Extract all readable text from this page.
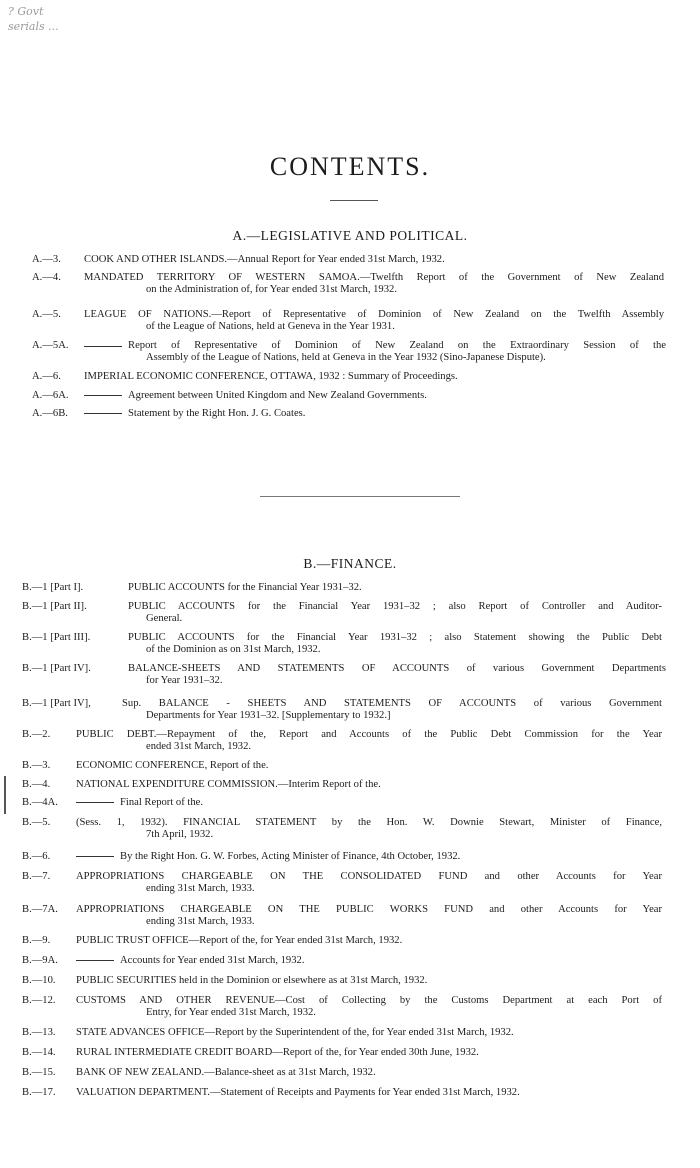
? Govt
serials ...
CONTENTS.
A.—LEGISLATIVE AND POLITICAL.
A.—3. COOK AND OTHER ISLANDS.—Annual Report for Year ended 31st March, 1932.
A.—4. MANDATED TERRITORY OF WESTERN SAMOA.—Twelfth Report of the Government of New Zealand
on the Administration of, for Year ended 31st March, 1932.
A.—5. LEAGUE OF NATIONS.—Report of Representative of Dominion of New Zealand on the Twelfth Assembly
of the League of Nations, held at Geneva in the Year 1931.
A.—5A.	Report of Representative of Dominion of New Zealand on the Extraordinary Session of the
Assembly of the League of Nations, held at Geneva in the Year 1932 (Sino-Japanese Dispute).
A.—6. IMPERIAL ECONOMIC CONFERENCE, OTTAWA, 1932 : Summary of Proceedings.
A.—6A.	Agreement between United Kingdom and New Zealand Governments.
A.—6B.	Statement by the Right Hon. J. G. Coates.
B.—FINANCE.
B.—1 [Part I].	PUBLIC ACCOUNTS for the Financial Year 1931–32.
B.—1 [Part II].	PUBLIC ACCOUNTS for the Financial Year 1931–32 ; also Report of Controller and Auditor-
General.
B.—1 [Part III].	PUBLIC ACCOUNTS for the Financial Year 1931–32 ; also Statement showing the Public Debt
of the Dominion as on 31st March, 1932.
B.—1 [Part IV].	BALANCE-SHEETS AND STATEMENTS OF ACCOUNTS of various Government Departments
for Year 1931–32.
B.—1 [Part IV],	Sup. BALANCE - SHEETS AND STATEMENTS OF ACCOUNTS of various Government
Departments for Year 1931–32. [Supplementary to 1932.]
B.—2. PUBLIC DEBT.—Repayment of the, Report and Accounts of the Public Debt Commission for the Year
ended 31st March, 1932.
B.—3. ECONOMIC CONFERENCE, Report of the.
B.—4. NATIONAL EXPENDITURE COMMISSION.—Interim Report of the.
B.—4A.	Final Report of the.
B.—5. (Sess. 1, 1932). FINANCIAL STATEMENT by the Hon. W. Downie Stewart, Minister of Finance,
7th April, 1932.
B.—6.	By the Right Hon. G. W. Forbes, Acting Minister of Finance, 4th October, 1932.
B.—7. APPROPRIATIONS CHARGEABLE ON THE CONSOLIDATED FUND and other Accounts for Year
ending 31st March, 1933.
B.—7A. APPROPRIATIONS CHARGEABLE ON THE PUBLIC WORKS FUND and other Accounts for Year
ending 31st March, 1933.
B.—9. PUBLIC TRUST OFFICE—Report of the, for Year ended 31st March, 1932.
B.—9A.	Accounts for Year ended 31st March, 1932.
B.—10. PUBLIC SECURITIES held in the Dominion or elsewhere as at 31st March, 1932.
B.—12. CUSTOMS AND OTHER REVENUE—Cost of Collecting by the Customs Department at each Port of
Entry, for Year ended 31st March, 1932.
B.—13. STATE ADVANCES OFFICE—Report by the Superintendent of the, for Year ended 31st March, 1932.
B.—14. RURAL INTERMEDIATE CREDIT BOARD—Report of the, for Year ended 30th June, 1932.
B.—15. BANK OF NEW ZEALAND.—Balance-sheet as at 31st March, 1932.
B.—17. VALUATION DEPARTMENT.—Statement of Receipts and Payments for Year ended 31st March, 1932.
